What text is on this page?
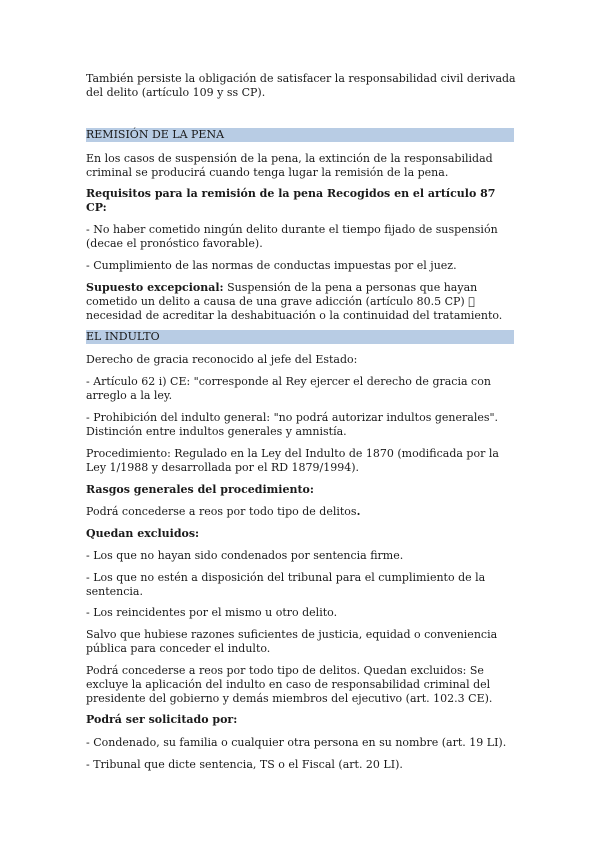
También persiste la obligación de satisfacer la responsabilidad civil derivada del delito (artículo 109 y ss CP).

REMISIÓN DE LA PENA

En los casos de suspensión de la pena, la extinción de la responsabilidad criminal se producirá cuando tenga lugar la remisión de la pena.

Requisitos para la remisión de la pena Recogidos en el artículo 87 CP:

- No haber cometido ningún delito durante el tiempo fijado de suspensión (decae el pronóstico favorable).

- Cumplimiento de las normas de conductas impuestas por el juez.

Supuesto excepcional: Suspensión de la pena a personas que hayan cometido un delito a causa de una grave adicción (artículo 80.5 CP) necesidad de acreditar la deshabituación o la continuidad del tratamiento.

EL INDULTO

Derecho de gracia reconocido al jefe del Estado:

- Artículo 62 i) CE: "corresponde al Rey ejercer el derecho de gracia con arreglo a la ley.

- Prohibición del indulto general: "no podrá autorizar indultos generales". Distinción entre indultos generales y amnistía.

Procedimiento: Regulado en la Ley del Indulto de 1870 (modificada por la Ley 1/1988 y desarrollada por el RD 1879/1994).

Rasgos generales del procedimiento:

Podrá concederse a reos por todo tipo de delitos.

Quedan excluidos:

- Los que no hayan sido condenados por sentencia firme.

- Los que no estén a disposición del tribunal para el cumplimiento de la sentencia.

- Los reincidentes por el mismo u otro delito.

Salvo que hubiese razones suficientes de justicia, equidad o conveniencia pública para conceder el indulto.

Podrá concederse a reos por todo tipo de delitos. Quedan excluidos: Se excluye la aplicación del indulto en caso de responsabilidad criminal del presidente del gobierno y demás miembros del ejecutivo (art. 102.3 CE).

Podrá ser solicitado por:

- Condenado, su familia o cualquier otra persona en su nombre (art. 19 LI).

- Tribunal que dicte sentencia, TS o el Fiscal (art. 20 LI).
